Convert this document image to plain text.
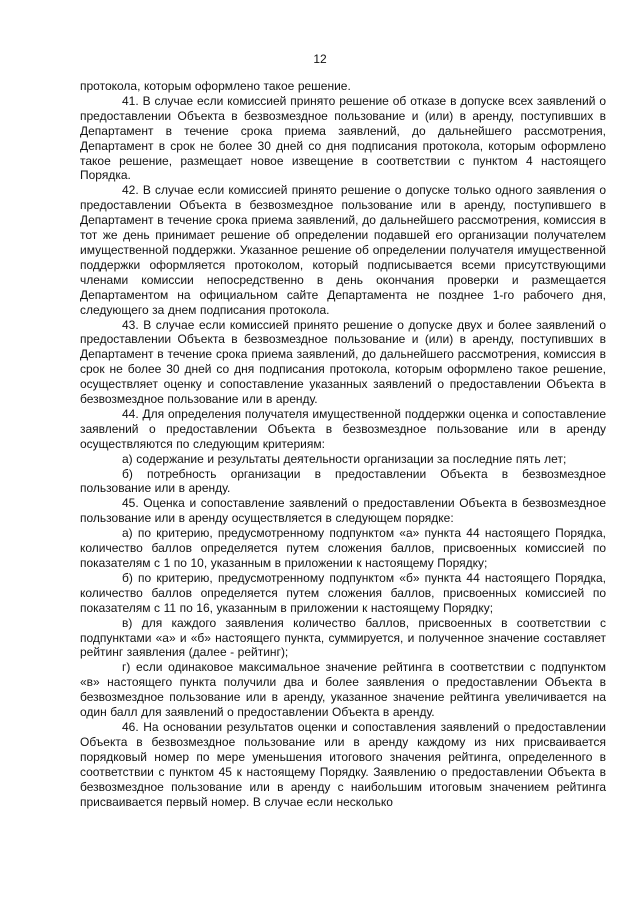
12

протокола, которым оформлено такое решение.

41. В случае если комиссией принято решение об отказе в допуске всех заявлений о предоставлении Объекта в безвозмездное пользование и (или) в аренду, поступивших в Департамент в течение срока приема заявлений, до дальнейшего рассмотрения, Департамент в срок не более 30 дней со дня подписания протокола, которым оформлено такое решение, размещает новое извещение в соответствии с пунктом 4 настоящего Порядка.

42. В случае если комиссией принято решение о допуске только одного заявления о предоставлении Объекта в безвозмездное пользование или в аренду, поступившего в Департамент в течение срока приема заявлений, до дальнейшего рассмотрения, комиссия в тот же день принимает решение об определении подавшей его организации получателем имущественной поддержки. Указанное решение об определении получателя имущественной поддержки оформляется протоколом, который подписывается всеми присутствующими членами комиссии непосредственно в день окончания проверки и размещается Департаментом на официальном сайте Департамента не позднее 1-го рабочего дня, следующего за днем подписания протокола.

43. В случае если комиссией принято решение о допуске двух и более заявлений о предоставлении Объекта в безвозмездное пользование и (или) в аренду, поступивших в Департамент в течение срока приема заявлений, до дальнейшего рассмотрения, комиссия в срок не более 30 дней со дня подписания протокола, которым оформлено такое решение, осуществляет оценку и сопоставление указанных заявлений о предоставлении Объекта в безвозмездное пользование или в аренду.

44. Для определения получателя имущественной поддержки оценка и сопоставление заявлений о предоставлении Объекта в безвозмездное пользование или в аренду осуществляются по следующим критериям:

а) содержание и результаты деятельности организации за последние пять лет;

б) потребность организации в предоставлении Объекта в безвозмездное пользование или в аренду.

45. Оценка и сопоставление заявлений о предоставлении Объекта в безвозмездное пользование или в аренду осуществляется в следующем порядке:

а) по критерию, предусмотренному подпунктом «а» пункта 44 настоящего Порядка, количество баллов определяется путем сложения баллов, присвоенных комиссией по показателям с 1 по 10, указанным в приложении к настоящему Порядку;

б) по критерию, предусмотренному подпунктом «б» пункта 44 настоящего Порядка, количество баллов определяется путем сложения баллов, присвоенных комиссией по показателям с 11 по 16, указанным в приложении к настоящему Порядку;

в) для каждого заявления количество баллов, присвоенных в соответствии с подпунктами «а» и «б» настоящего пункта, суммируется, и полученное значение составляет рейтинг заявления (далее - рейтинг);

г) если одинаковое максимальное значение рейтинга в соответствии с подпунктом «в» настоящего пункта получили два и более заявления о предоставлении Объекта в безвозмездное пользование или в аренду, указанное значение рейтинга увеличивается на один балл для заявлений о предоставлении Объекта в аренду.

46. На основании результатов оценки и сопоставления заявлений о предоставлении Объекта в безвозмездное пользование или в аренду каждому из них присваивается порядковый номер по мере уменьшения итогового значения рейтинга, определенного в соответствии с пунктом 45 к настоящему Порядку. Заявлению о предоставлении Объекта в безвозмездное пользование или в аренду с наибольшим итоговым значением рейтинга присваивается первый номер. В случае если несколько
